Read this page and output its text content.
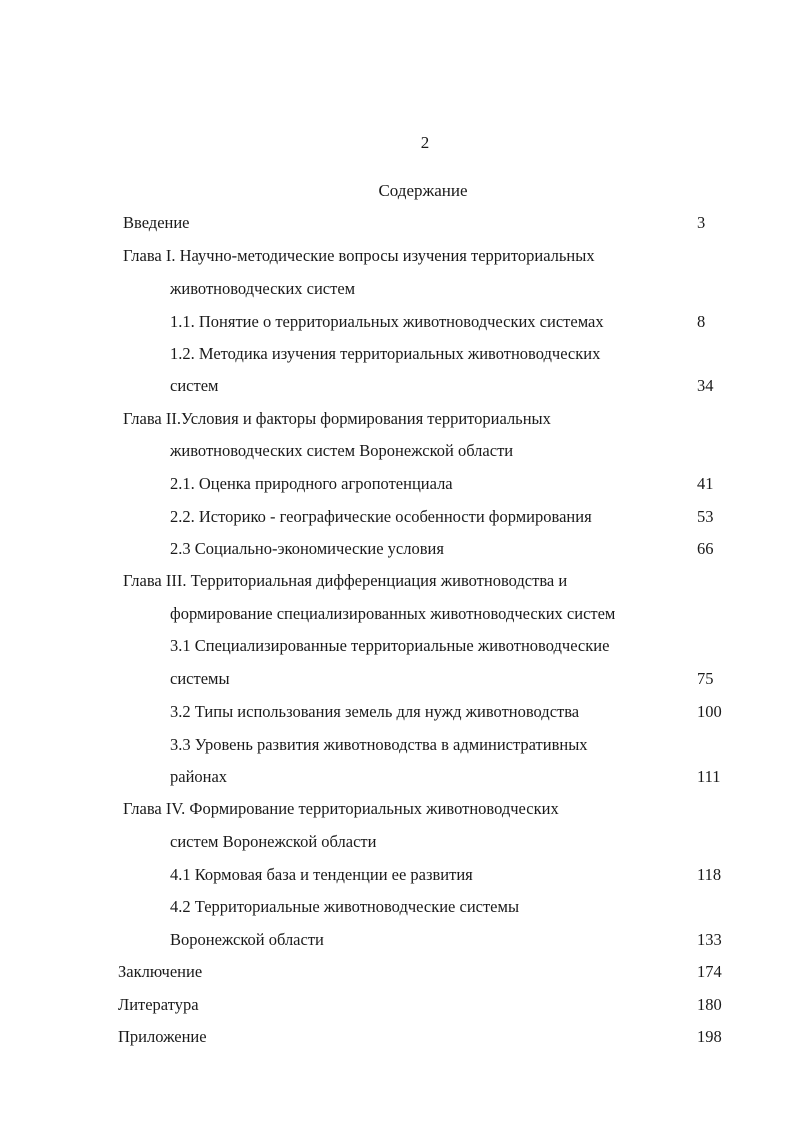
2
Содержание
Введение	3
Глава I. Научно-методические вопросы изучения территориальных
животноводческих систем
1.1. Понятие о территориальных животноводческих системах	8
1.2. Методика изучения территориальных животноводческих
систем	34
Глава II.Условия и факторы формирования территориальных
животноводческих систем Воронежской области
2.1. Оценка природного агропотенциала	41
2.2. Историко - географические особенности формирования	53
2.3 Социально-экономические условия	66
Глава III. Территориальная дифференциация животноводства и
формирование специализированных животноводческих систем
3.1 Специализированные территориальные животноводческие
системы	75
3.2 Типы использования земель для нужд животноводства	100
3.3 Уровень развития животноводства в административных
районах	111
Глава IV. Формирование территориальных животноводческих
систем Воронежской области
4.1 Кормовая база и тенденции ее развития	118
4.2 Территориальные животноводческие системы
Воронежской области	133
Заключение	174
Литература	180
Приложение	198
